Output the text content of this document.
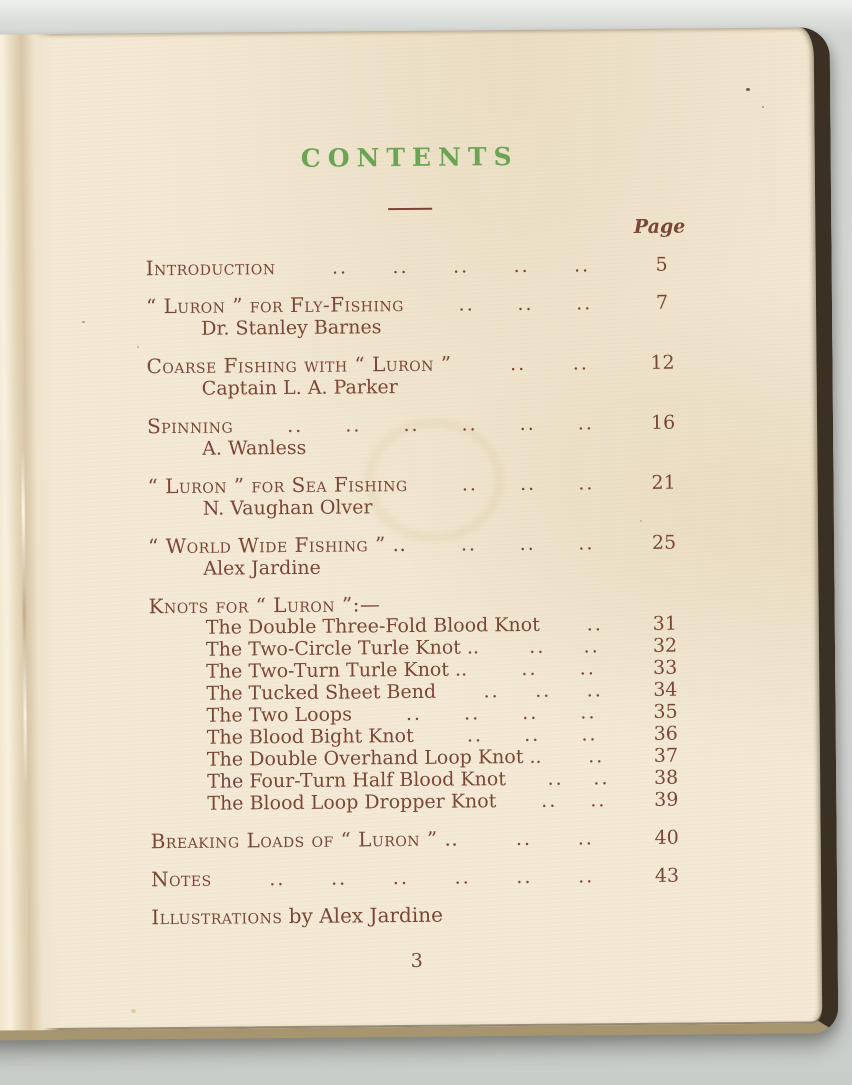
CONTENTS
Page
Introduction	.. .. .. .. ..	5
“ Luron ” for Fly-Fishing	.. .. ..	7
Dr. Stanley Barnes
Coarse Fishing with “ Luron ”	.. ..	12
Captain L. A. Parker
Spinning	.. .. .. .. .. ..	16
A. Wanless
“ Luron ” for Sea Fishing	.. .. ..	21
N. Vaughan Olver
“ World Wide Fishing ” ..	.. .. ..	25
Alex Jardine
Knots for “ Luron ”:—
The Double Three-Fold Blood Knot ..	31
The Two-Circle Turle Knot ..	.. ..	32
The Two-Turn Turle Knot ..	.. ..	33
The Tucked Sheet Bend .. .. ..	34
The Two Loops	.. .. .. ..	35
The Blood Bight Knot	.. .. ..	36
The Double Overhand Loop Knot .. ..	37
The Four-Turn Half Blood Knot .. ..	38
The Blood Loop Dropper Knot .. ..	39
Breaking Loads of “ Luron ” ..	.. ..	40
Notes	.. .. .. .. .. ..	43
Illustrations by Alex Jardine
3
